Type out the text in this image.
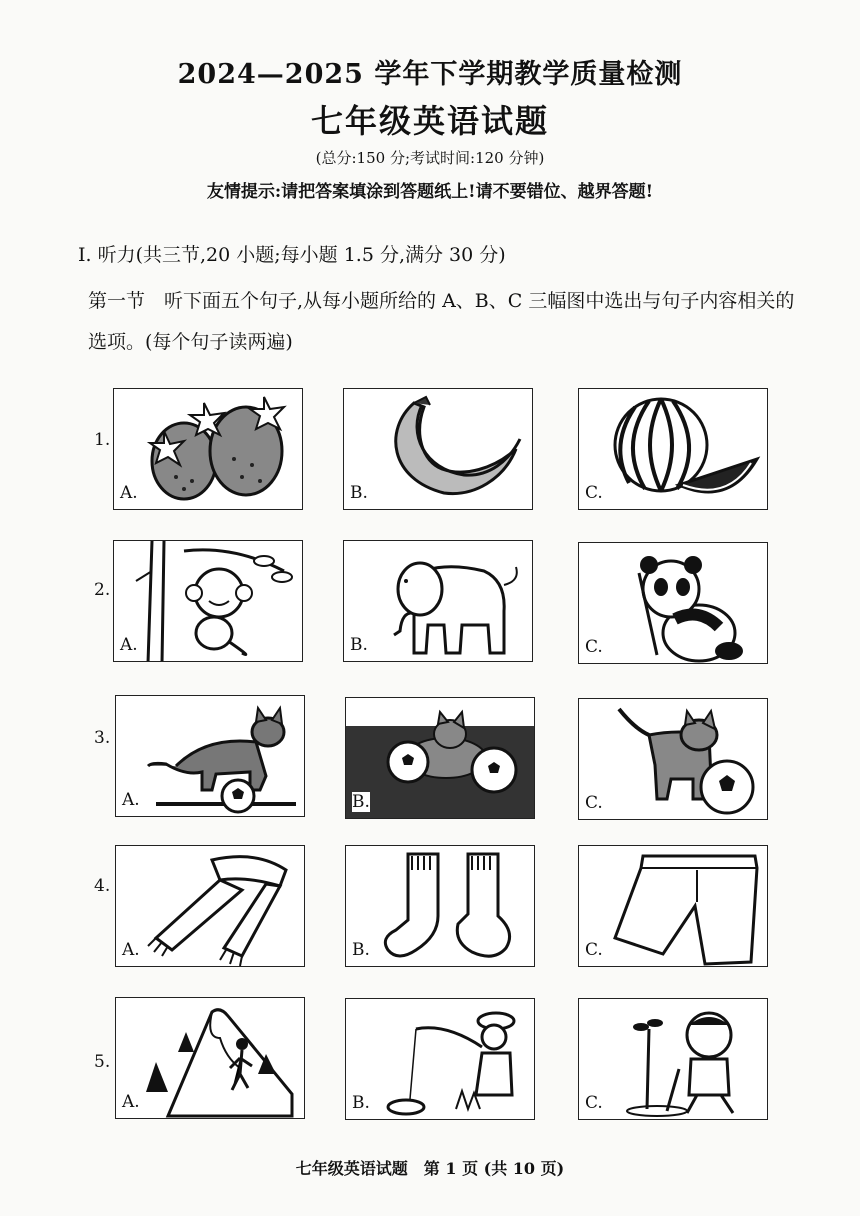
2024—2025 学年下学期教学质量检测
七年级英语试题
(总分:150 分;考试时间:120 分钟)
友情提示:请把答案填涂到答题纸上!请不要错位、越界答题!
Ⅰ. 听力(共三节,20 小题;每小题 1.5 分,满分 30 分)
第一节　听下面五个句子,从每小题所给的 A、B、C 三幅图中选出与句子内容相关的选项。(每个句子读两遍)
1.
A.	B.	C.
2.
A.	B.	C.
3.
A.	B.	C.
4.
A.	B.	C.
5.
A.	B.	C.
七年级英语试题　第 1 页 (共 10 页)
